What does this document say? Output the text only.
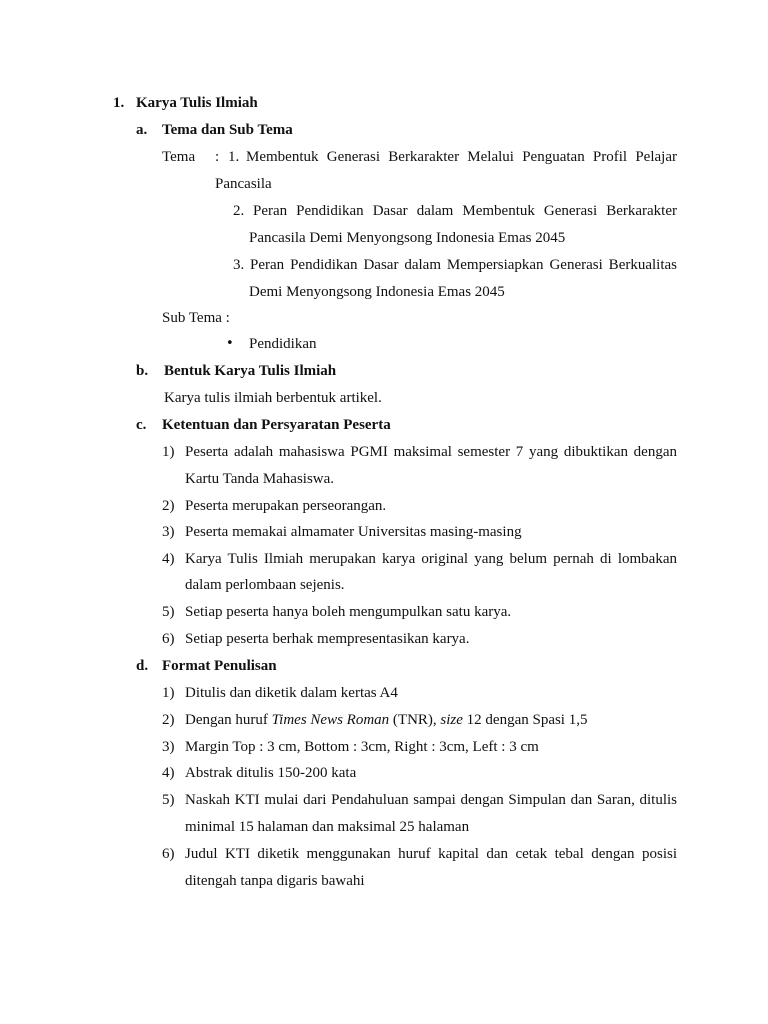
1. Karya Tulis Ilmiah
a. Tema dan Sub Tema
Tema : 1. Membentuk Generasi Berkarakter Melalui Penguatan Profil Pelajar
Pancasila
2. Peran Pendidikan Dasar dalam Membentuk Generasi Berkarakter
Pancasila Demi Menyongsong Indonesia Emas 2045
3. Peran Pendidikan Dasar dalam Mempersiapkan Generasi Berkualitas
Demi Menyongsong Indonesia Emas 2045
Sub Tema :
• Pendidikan
b. Bentuk Karya Tulis Ilmiah
Karya tulis ilmiah berbentuk artikel.
c. Ketentuan dan Persyaratan Peserta
1) Peserta adalah mahasiswa PGMI maksimal semester 7 yang dibuktikan dengan
Kartu Tanda Mahasiswa.
2) Peserta merupakan perseorangan.
3) Peserta memakai almamater Universitas masing-masing
4) Karya Tulis Ilmiah merupakan karya original yang belum pernah di lombakan
dalam perlombaan sejenis.
5) Setiap peserta hanya boleh mengumpulkan satu karya.
6) Setiap peserta berhak mempresentasikan karya.
d. Format Penulisan
1) Ditulis dan diketik dalam kertas A4
2) Dengan huruf Times News Roman (TNR), size 12 dengan Spasi 1,5
3) Margin Top : 3 cm, Bottom : 3cm, Right : 3cm, Left : 3 cm
4) Abstrak ditulis 150-200 kata
5) Naskah KTI mulai dari Pendahuluan sampai dengan Simpulan dan Saran, ditulis
minimal 15 halaman dan maksimal 25 halaman
6) Judul KTI diketik menggunakan huruf kapital dan cetak tebal dengan posisi
ditengah tanpa digaris bawahi
